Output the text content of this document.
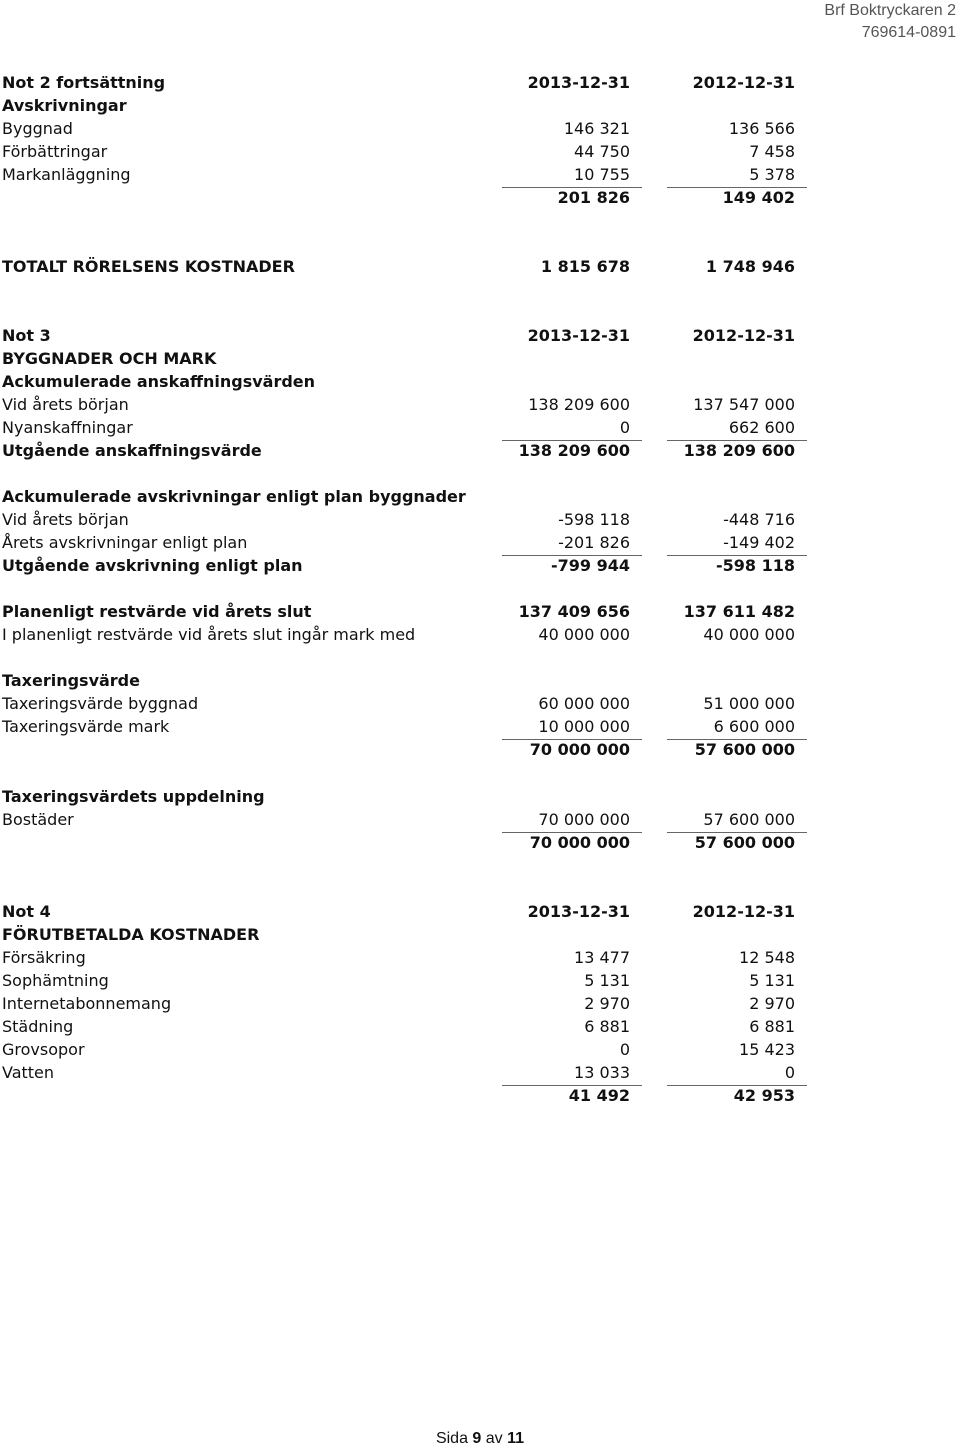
Brf Boktryckaren 2
769614-0891
Not 2 fortsättning	2013-12-31	2012-12-31
Avskrivningar
Byggnad	146 321	136 566
Förbättringar	44 750	7 458
Markanläggning	10 755	5 378
201 826	149 402
TOTALT RÖRELSENS KOSTNADER	1 815 678	1 748 946
Not 3	2013-12-31	2012-12-31
BYGGNADER OCH MARK
Ackumulerade anskaffningsvärden
Vid årets början	138 209 600	137 547 000
Nyanskaffningar	0	662 600
Utgående anskaffningsvärde	138 209 600	138 209 600
Ackumulerade avskrivningar enligt plan byggnader
Vid årets början	-598 118	-448 716
Årets avskrivningar enligt plan	-201 826	-149 402
Utgående avskrivning enligt plan	-799 944	-598 118
Planenligt restvärde vid årets slut	137 409 656	137 611 482
I planenligt restvärde vid årets slut ingår mark med	40 000 000	40 000 000
Taxeringsvärde
Taxeringsvärde byggnad	60 000 000	51 000 000
Taxeringsvärde mark	10 000 000	6 600 000
70 000 000	57 600 000
Taxeringsvärdets uppdelning
Bostäder	70 000 000	57 600 000
70 000 000	57 600 000
Not 4	2013-12-31	2012-12-31
FÖRUTBETALDA KOSTNADER
Försäkring	13 477	12 548
Sophämtning	5 131	5 131
Internetabonnemang	2 970	2 970
Städning	6 881	6 881
Grovsopor	0	15 423
Vatten	13 033	0
41 492	42 953
Sida 9 av 11
